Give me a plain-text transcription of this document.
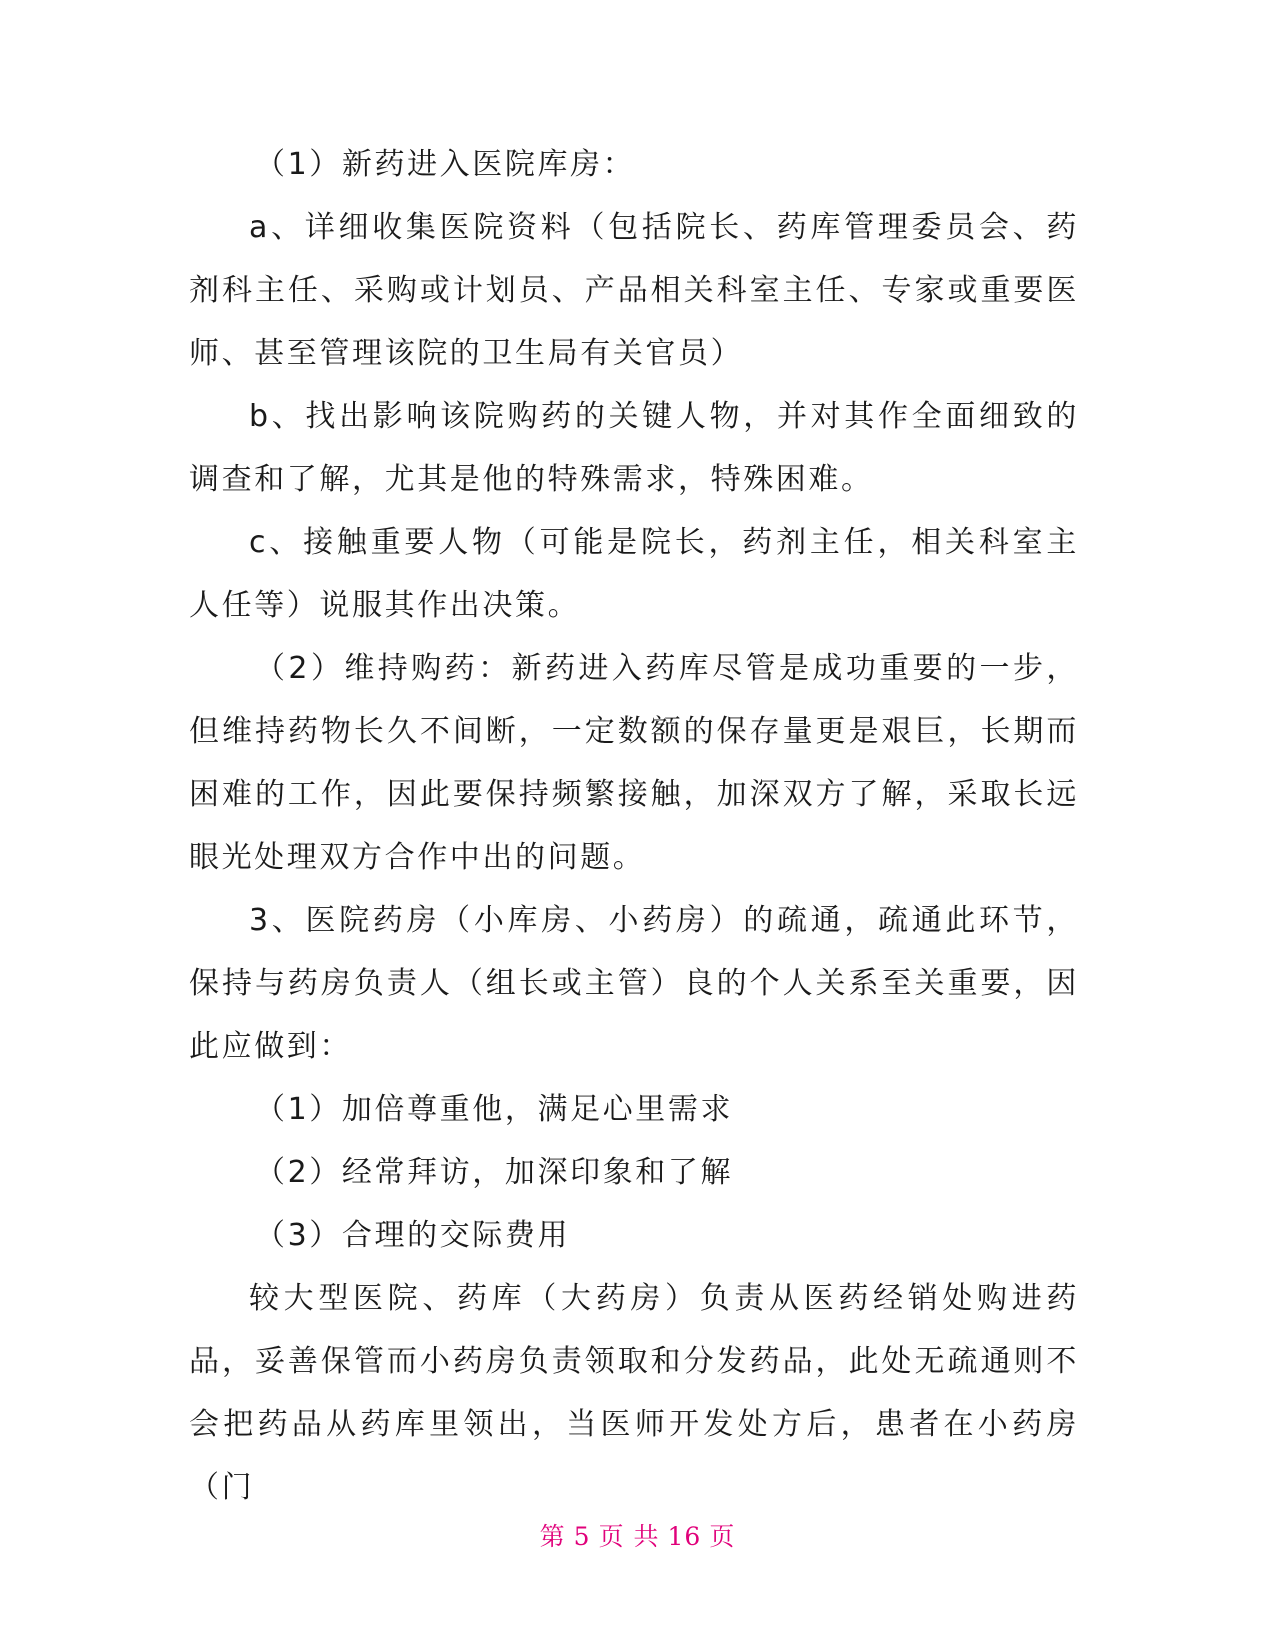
（1）新药进入医院库房：

a、详细收集医院资料（包括院长、药库管理委员会、药剂科主任、采购或计划员、产品相关科室主任、专家或重要医师、甚至管理该院的卫生局有关官员）

b、找出影响该院购药的关键人物，并对其作全面细致的调查和了解，尤其是他的特殊需求，特殊困难。

c、接触重要人物（可能是院长，药剂主任，相关科室主人任等）说服其作出决策。

（2）维持购药：新药进入药库尽管是成功重要的一步，但维持药物长久不间断，一定数额的保存量更是艰巨，长期而困难的工作，因此要保持频繁接触，加深双方了解，采取长远眼光处理双方合作中出的问题。

3、医院药房（小库房、小药房）的疏通，疏通此环节，保持与药房负责人（组长或主管）良的个人关系至关重要，因此应做到：

（1）加倍尊重他，满足心里需求

（2）经常拜访，加深印象和了解

（3）合理的交际费用

较大型医院、药库（大药房）负责从医药经销处购进药品，妥善保管而小药房负责领取和分发药品，此处无疏通则不会把药品从药库里领出，当医师开发处方后，患者在小药房（门

第 5 页 共 16 页
